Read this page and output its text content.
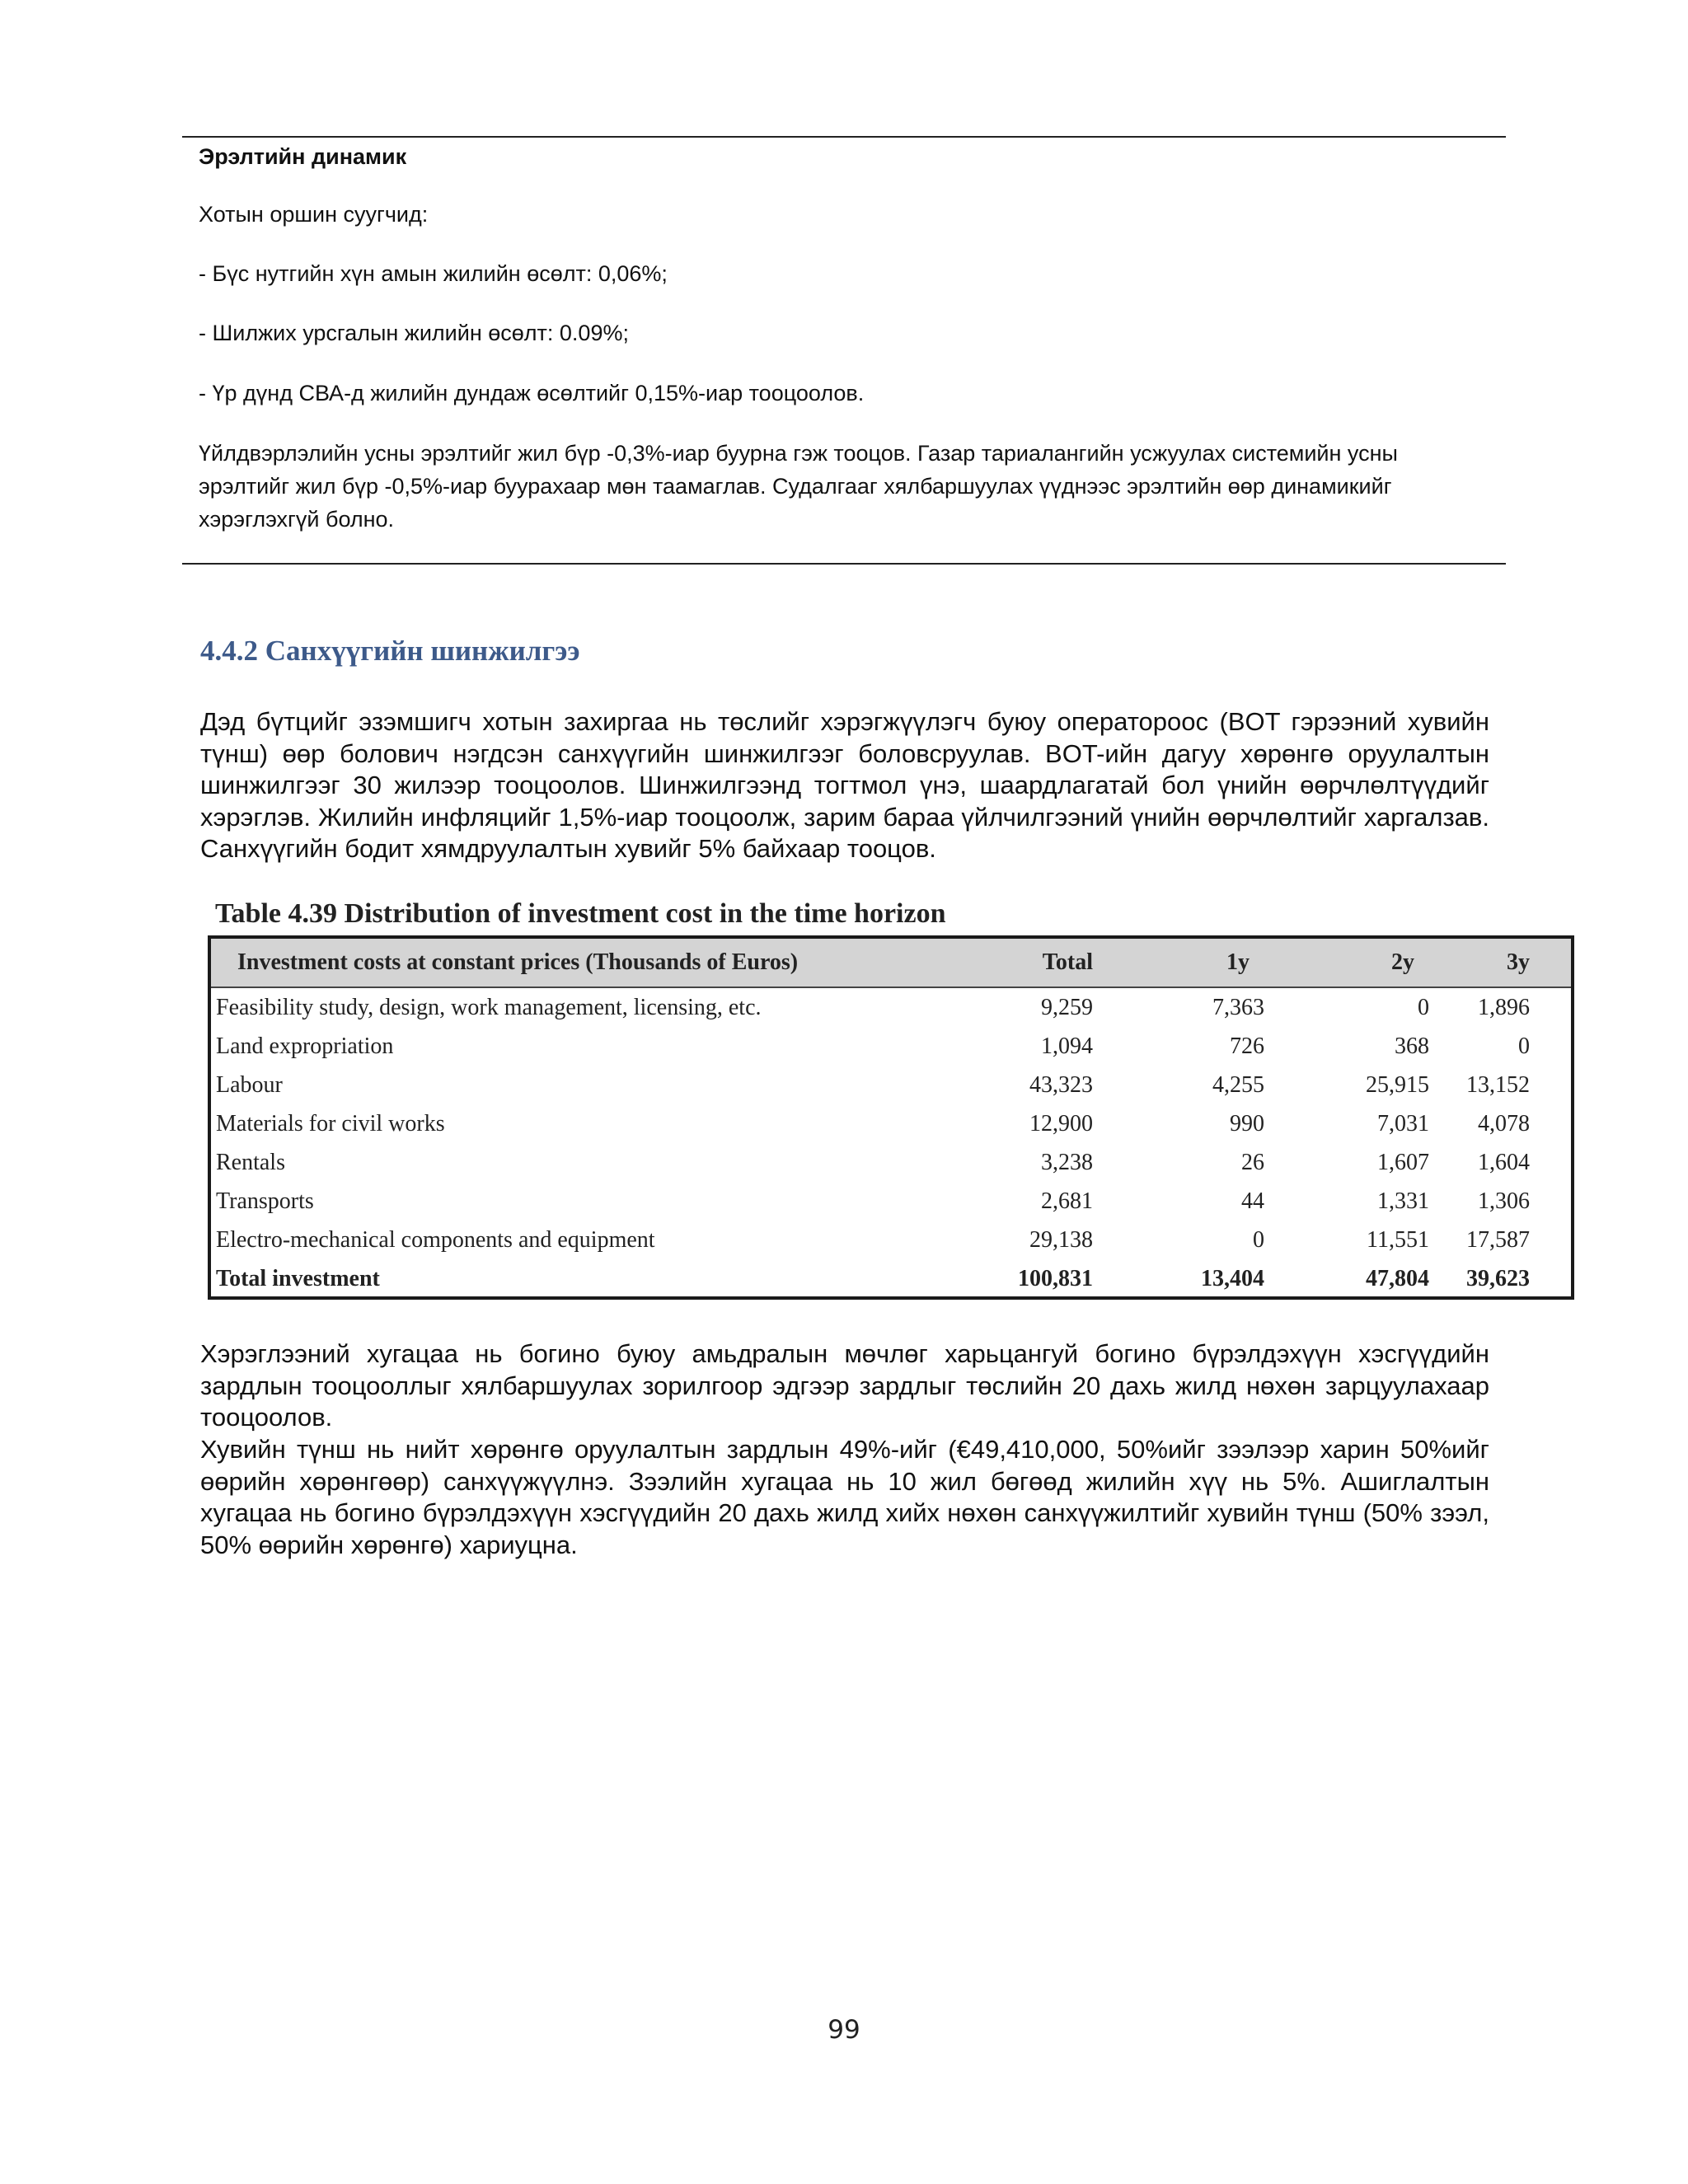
Эрэлтийн динамик
Хотын оршин суугчид:
- Бүс нутгийн хүн амын жилийн өсөлт: 0,06%;
- Шилжих урсгалын жилийн өсөлт: 0.09%;
- Үр дүнд СВА-д жилийн дундаж өсөлтийг 0,15%-иар тооцоолов.
Үйлдвэрлэлийн усны эрэлтийг жил бүр -0,3%-иар буурна гэж тооцов. Газар тариалангийн усжуулах системийн усны эрэлтийг жил бүр -0,5%-иар буурахаар мөн таамаглав. Судалгааг хялбаршуулах үүднээс эрэлтийн өөр динамикийг хэрэглэхгүй болно.
4.4.2 Санхүүгийн шинжилгээ
Дэд бүтцийг эзэмшигч хотын захиргаа нь төслийг хэрэгжүүлэгч буюу операторoос (BOT гэрээний хувийн түнш) өөр болович нэгдсэн санхүүгийн шинжилгээг боловсруулав. BOT-ийн дагуу хөрөнгө оруулалтын шинжилгээг 30 жилээр тооцоолов. Шинжилгээнд тогтмол үнэ, шаардлагатай бол үнийн өөрчлөлтүүдийг хэрэглэв. Жилийн инфляцийг 1,5%-иар тооцоолж, зарим бараа үйлчилгээний үнийн өөрчлөлтийг харгалзав. Санхүүгийн бодит хямдруулалтын хувийг 5% байхаар тооцов.
Table 4.39 Distribution of investment cost in the time horizon
Investment costs at constant prices (Thousands of Euros)	Total	1y	2y	3y
Feasibility study, design, work management, licensing, etc.	9,259	7,363	0	1,896
Land expropriation	1,094	726	368	0
Labour	43,323	4,255	25,915	13,152
Materials for civil works	12,900	990	7,031	4,078
Rentals	3,238	26	1,607	1,604
Transports	2,681	44	1,331	1,306
Electro-mechanical components and equipment	29,138	0	11,551	17,587
Total investment	100,831	13,404	47,804	39,623
Хэрэглээний хугацаа нь богино буюу амьдралын мөчлөг харьцангуй богино бүрэлдэхүүн хэсгүүдийн зардлын тооцооллыг хялбаршуулах зорилгоор эдгээр зардлыг төслийн 20 дахь жилд нөхөн зарцуулахаар тооцоолов.
Хувийн түнш нь нийт хөрөнгө оруулалтын зардлын 49%-ийг (€49,410,000, 50%ийг зээлээр харин 50%ийг өөрийн хөрөнгөөр) санхүүжүүлнэ. Зээлийн хугацаа нь 10 жил бөгөөд жилийн хүү нь 5%. Ашиглалтын хугацаа нь богино бүрэлдэхүүн хэсгүүдийн 20 дахь жилд хийх нөхөн санхүүжилтийг хувийн түнш (50% зээл, 50% өөрийн хөрөнгө) хариуцна.
99
